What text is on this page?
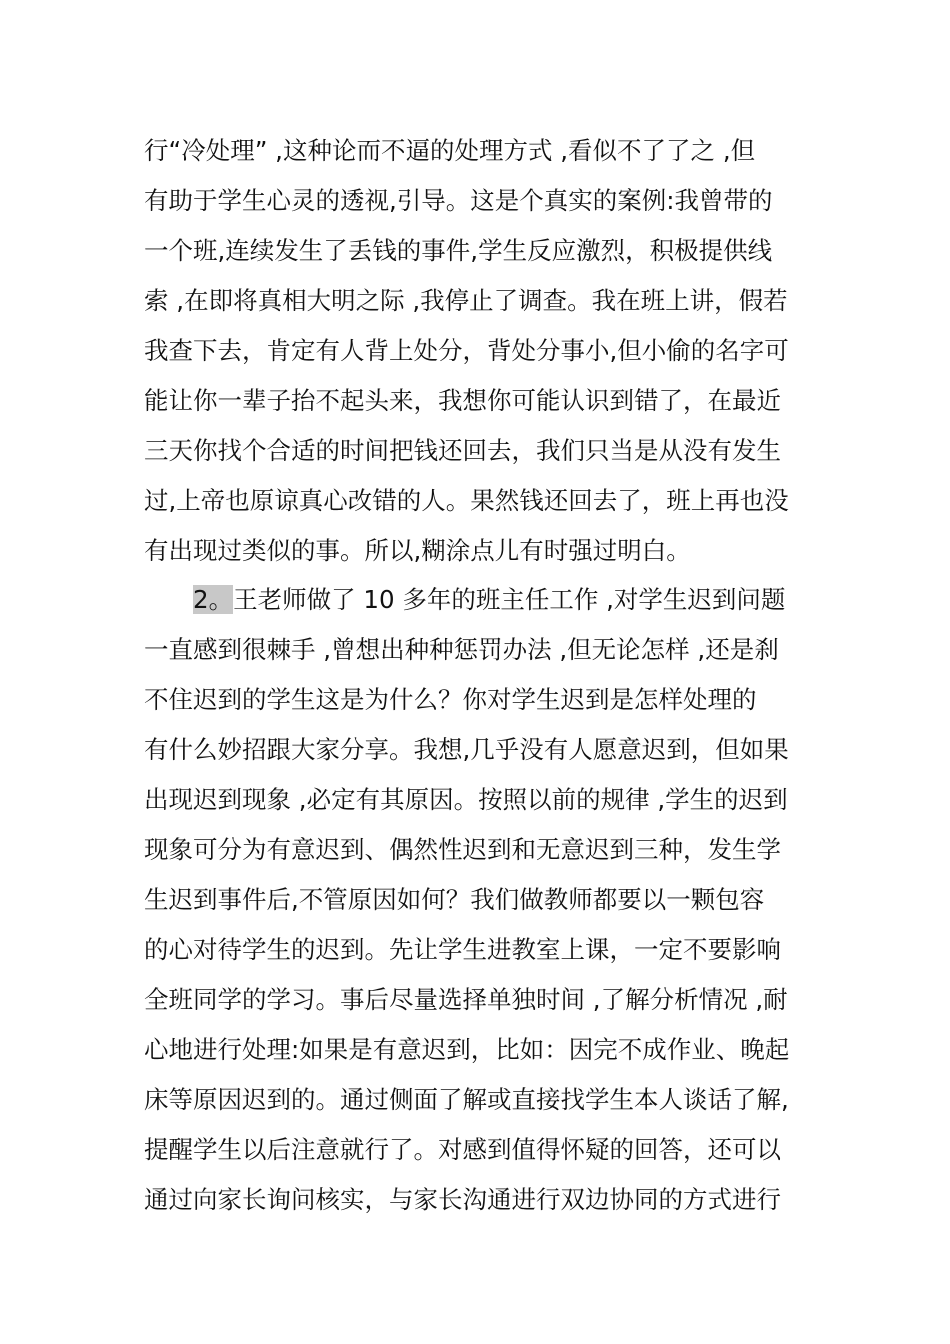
行“冷处理” ,这种论而不逼的处理方式 ,看似不了了之 ,但
有助于学生心灵的透视,引导。这是个真实的案例:我曾带的
一个班,连续发生了丢钱的事件,学生反应激烈，积极提供线
索 ,在即将真相大明之际 ,我停止了调查。我在班上讲，假若
我查下去，肯定有人背上处分，背处分事小,但小偷的名字可
能让你一辈子抬不起头来，我想你可能认识到错了，在最近
三天你找个合适的时间把钱还回去，我们只当是从没有发生
过,上帝也原谅真心改错的人。果然钱还回去了，班上再也没
有出现过类似的事。所以,糊涂点儿有时强过明白。
2。王老师做了 10 多年的班主任工作 ,对学生迟到问题
一直感到很棘手 ,曾想出种种惩罚办法 ,但无论怎样 ,还是刹
不住迟到的学生这是为什么？你对学生迟到是怎样处理的
有什么妙招跟大家分享。我想,几乎没有人愿意迟到，但如果
出现迟到现象 ,必定有其原因。按照以前的规律 ,学生的迟到
现象可分为有意迟到、偶然性迟到和无意迟到三种，发生学
生迟到事件后,不管原因如何？我们做教师都要以一颗包容
的心对待学生的迟到。先让学生进教室上课，一定不要影响
全班同学的学习。事后尽量选择单独时间 ,了解分析情况 ,耐
心地进行处理:如果是有意迟到，比如：因完不成作业、晚起
床等原因迟到的。通过侧面了解或直接找学生本人谈话了解,
提醒学生以后注意就行了。对感到值得怀疑的回答，还可以
通过向家长询问核实，与家长沟通进行双边协同的方式进行
